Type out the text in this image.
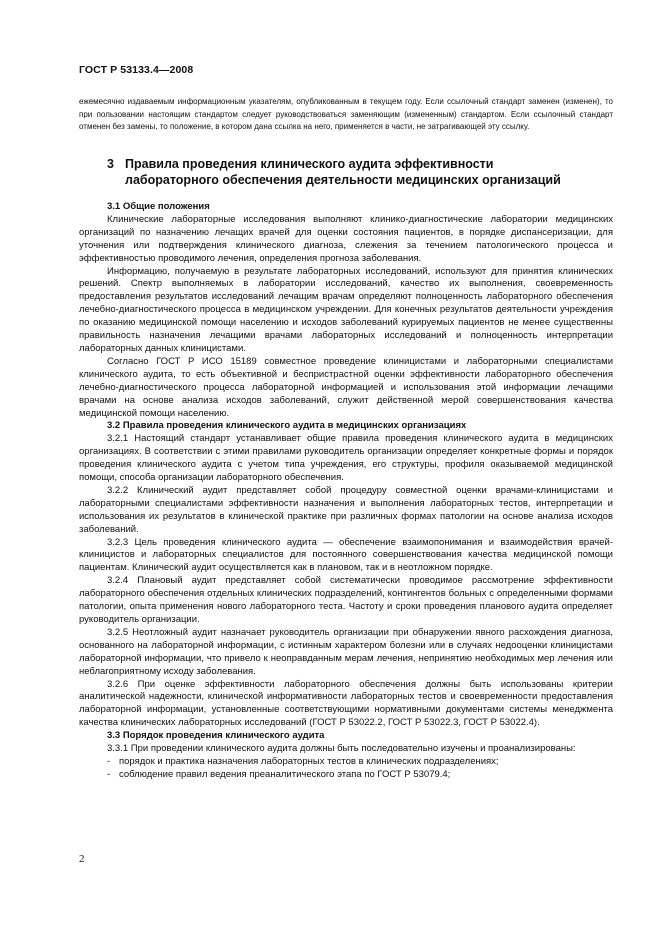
ГОСТ Р 53133.4—2008

ежемесячно издаваемым информационным указателям, опубликованным в текущем году. Если ссылочный стандарт заменен (изменен), то при пользовании настоящим стандартом следует руководствоваться заменяющим (измененным) стандартом. Если ссылочный стандарт отменен без замены, то положение, в котором дана ссылка на него, применяется в части, не затрагивающей эту ссылку.

3 Правила проведения клинического аудита эффективности
лабораторного обеспечения деятельности медицинских организаций

3.1 Общие положения

Клинические лабораторные исследования выполняют клинико-диагностические лаборатории медицинских организаций по назначению лечащих врачей для оценки состояния пациентов, в порядке диспансеризации, для уточнения или подтверждения клинического диагноза, слежения за течением патологического процесса и эффективностью проводимого лечения, определения прогноза заболевания.

Информацию, получаемую в результате лабораторных исследований, используют для принятия клинических решений. Спектр выполняемых в лаборатории исследований, качество их выполнения, своевременность предоставления результатов исследований лечащим врачам определяют полноценность лабораторного обеспечения лечебно-диагностического процесса в медицинском учреждении. Для конечных результатов деятельности учреждения по оказанию медицинской помощи населению и исходов заболеваний курируемых пациентов не менее существенны правильность назначения лечащими врачами лабораторных исследований и полноценность интерпретации лабораторных данных клиницистами.

Согласно ГОСТ Р ИСО 15189 совместное проведение клиницистами и лабораторными специалистами клинического аудита, то есть объективной и беспристрастной оценки эффективности лабораторного обеспечения лечебно-диагностического процесса лабораторной информацией и использования этой информации лечащими врачами на основе анализа исходов заболеваний, служит действенной мерой совершенствования качества медицинской помощи населению.

3.2 Правила проведения клинического аудита в медицинских организациях

3.2.1 Настоящий стандарт устанавливает общие правила проведения клинического аудита в медицинских организациях. В соответствии с этими правилами руководитель организации определяет конкретные формы и порядок проведения клинического аудита с учетом типа учреждения, его структуры, профиля оказываемой медицинской помощи, способа организации лабораторного обеспечения.

3.2.2 Клинический аудит представляет собой процедуру совместной оценки врачами-клиницистами и лабораторными специалистами эффективности назначения и выполнения лабораторных тестов, интерпретации и использования их результатов в клинической практике при различных формах патологии на основе анализа исходов заболеваний.

3.2.3 Цель проведения клинического аудита — обеспечение взаимопонимания и взаимодействия врачей-клиницистов и лабораторных специалистов для постоянного совершенствования качества медицинской помощи пациентам. Клинический аудит осуществляется как в плановом, так и в неотложном порядке.

3.2.4 Плановый аудит представляет собой систематически проводимое рассмотрение эффективности лабораторного обеспечения отдельных клинических подразделений, контингентов больных с определенными формами патологии, опыта применения нового лабораторного теста. Частоту и сроки проведения планового аудита определяет руководитель организации.

3.2.5 Неотложный аудит назначает руководитель организации при обнаружении явного расхождения диагноза, основанного на лабораторной информации, с истинным характером болезни или в случаях недооценки клиницистами лабораторной информации, что привело к неоправданным мерам лечения, непринятию необходимых мер лечения или неблагоприятному исходу заболевания.

3.2.6 При оценке эффективности лабораторного обеспечения должны быть использованы критерии аналитической надежности, клинической информативности лабораторных тестов и своевременности предоставления лабораторной информации, установленные соответствующими нормативными документами системы менеджмента качества клинических лабораторных исследований (ГОСТ Р 53022.2, ГОСТ Р 53022.3, ГОСТ Р 53022.4).

3.3 Порядок проведения клинического аудита

3.3.1 При проведении клинического аудита должны быть последовательно изучены и проанализированы:

- порядок и практика назначения лабораторных тестов в клинических подразделениях;

- соблюдение правил ведения преаналитического этапа по ГОСТ Р 53079.4;

2
